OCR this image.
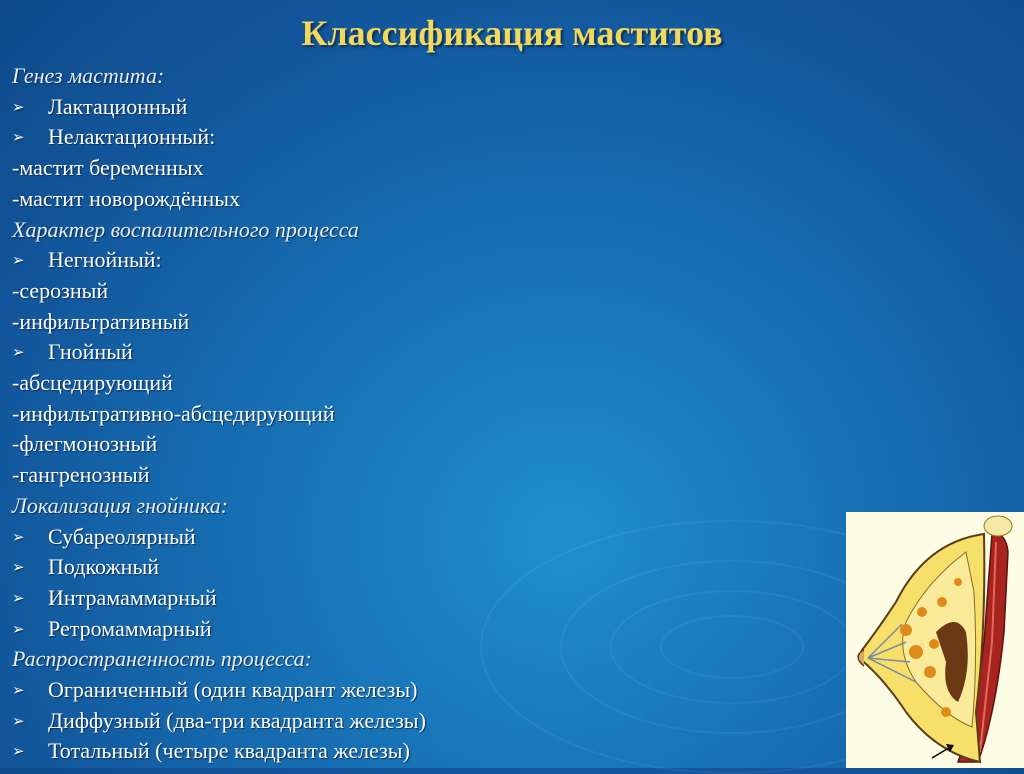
Классификация маститов
Генез мастита:
➢ Лактационный
➢ Нелактационный:
-мастит беременных
-мастит новорождённых
Характер воспалительного процесса
➢ Негнойный:
-серозный
-инфильтративный
➢ Гнойный
-абсцедирующий
-инфильтративно-абсцедирующий
-флегмонозный
-гангренозный
Локализация гнойника:
➢ Субареолярный
➢ Подкожный
➢ Интрамаммарный
➢ Ретромаммарный
Распространенность процесса:
➢ Ограниченный (один квадрант железы)
➢ Диффузный (два-три квадранта железы)
➢ Тотальный (четыре квадранта железы)
